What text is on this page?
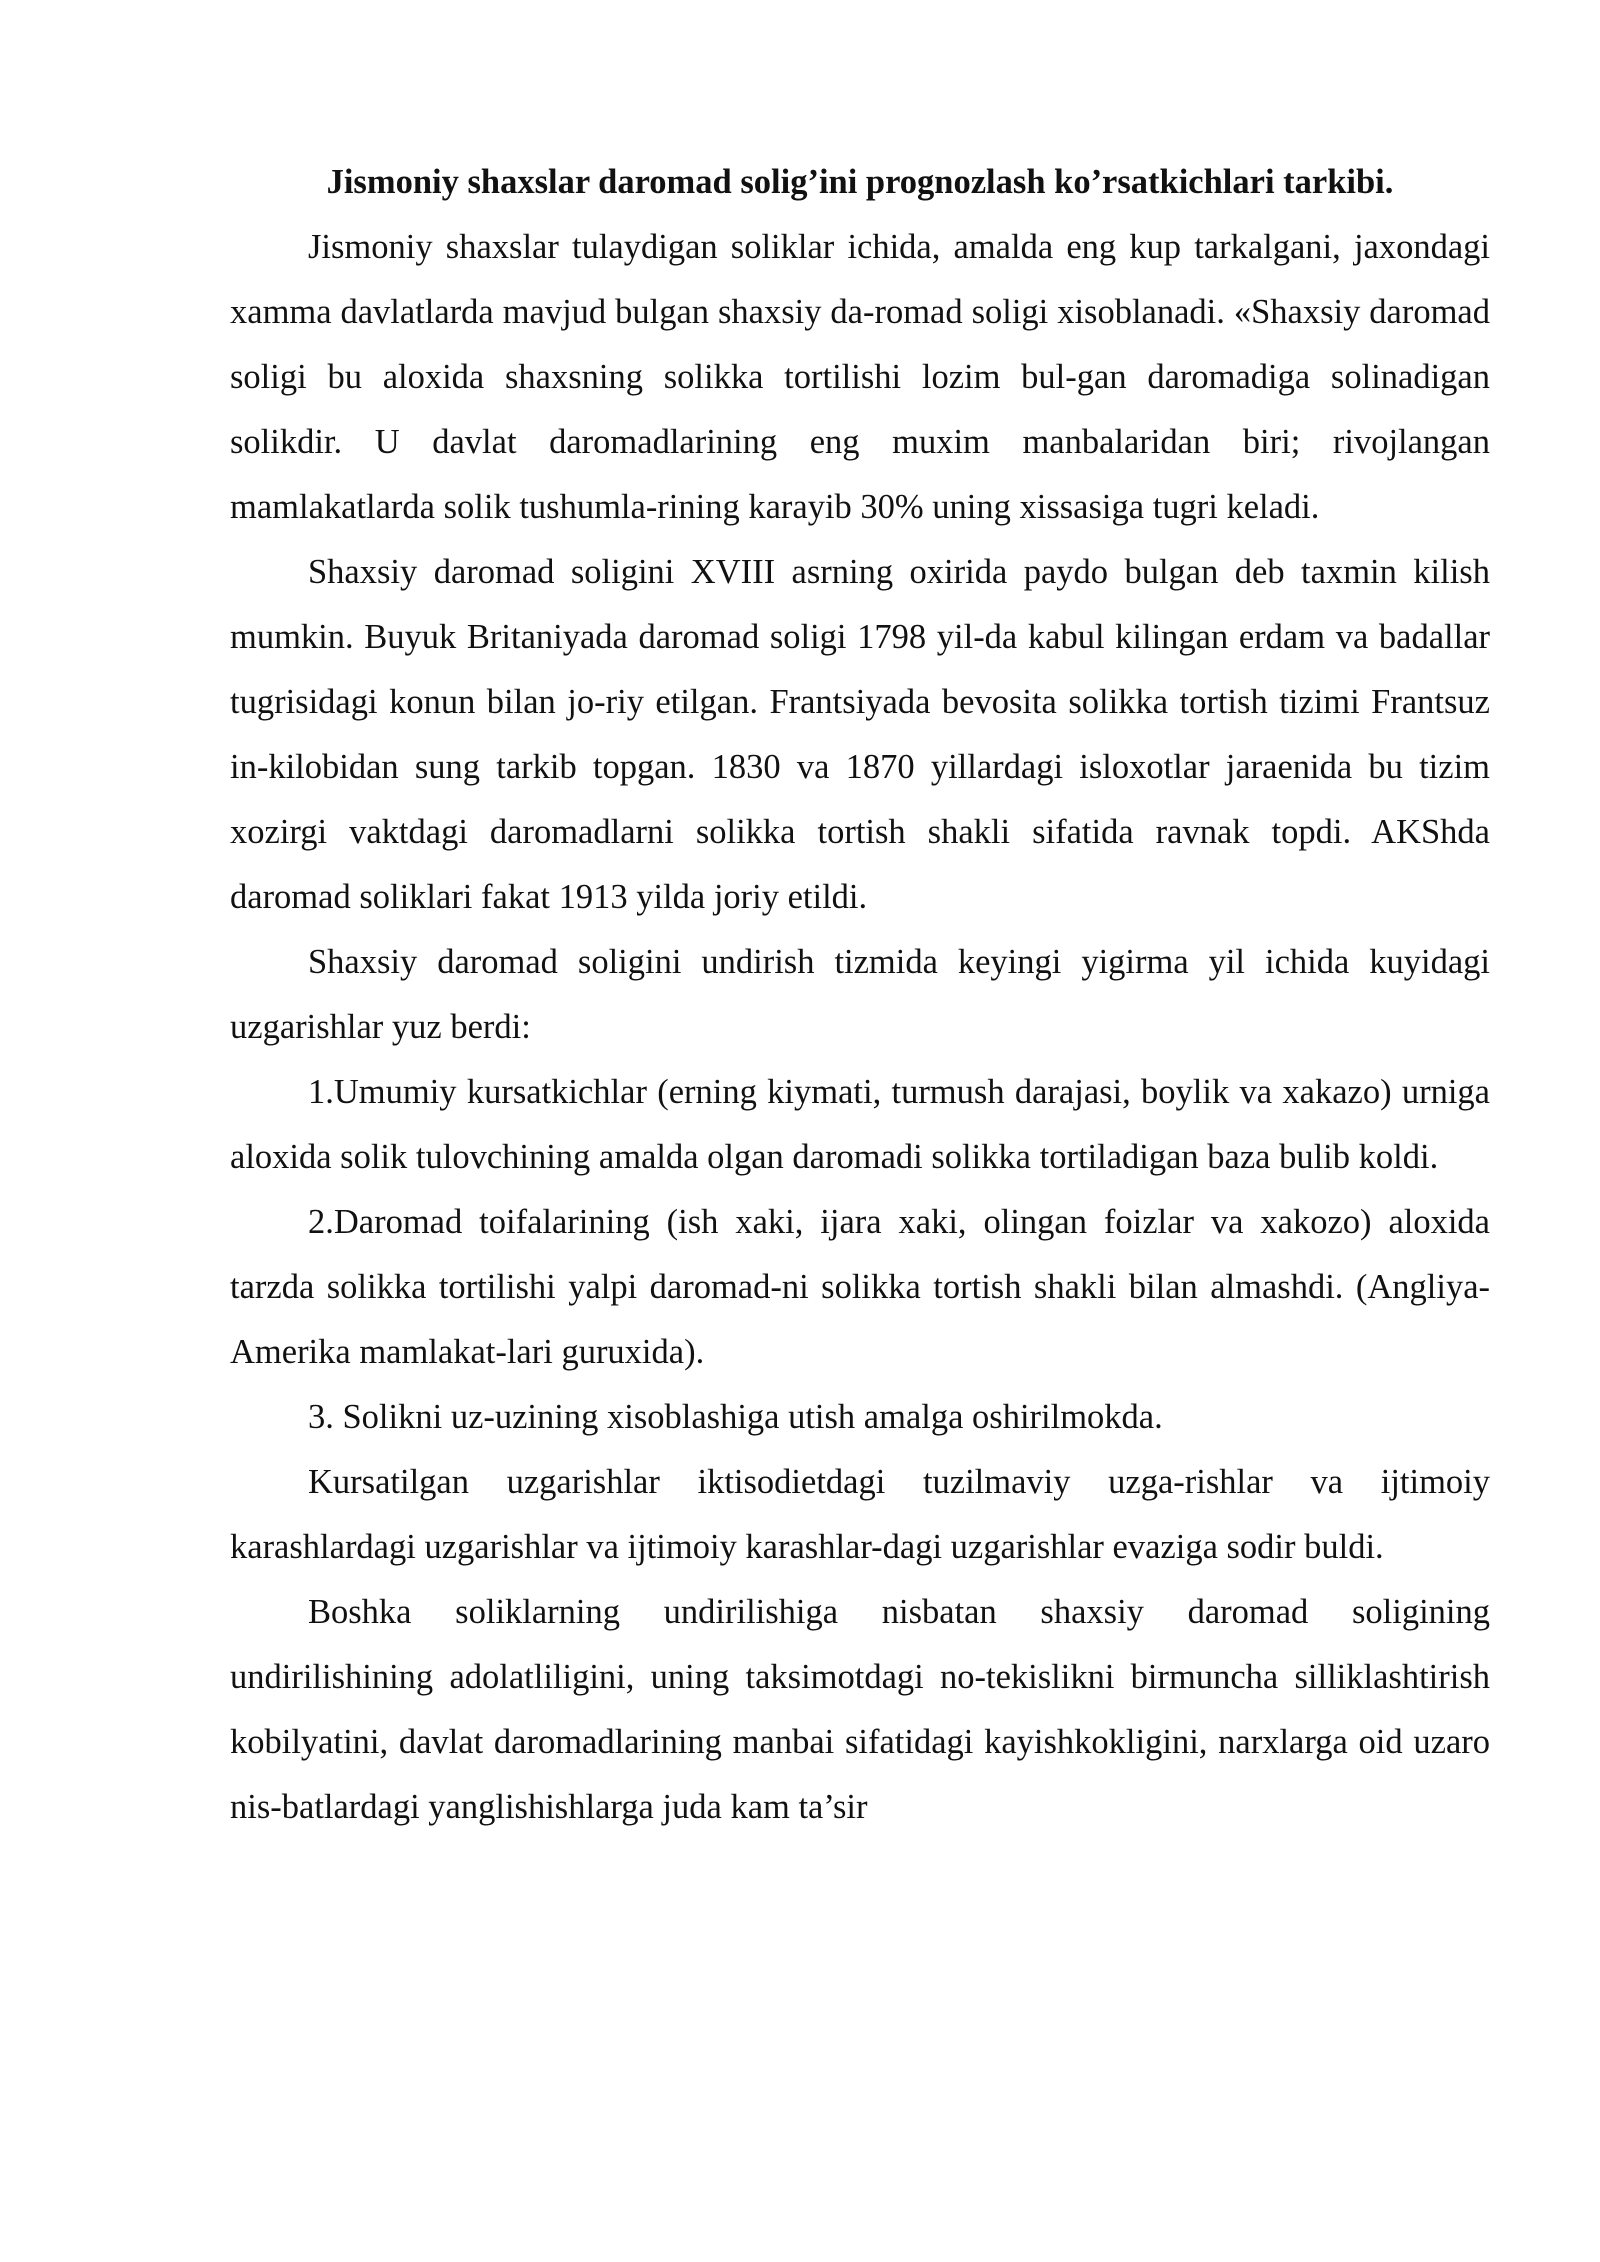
Jismoniy shaxslar daromad solig’ini prognozlash ko’rsatkichlari tarkibi.

Jismoniy shaxslar tulaydigan soliklar ichida, amalda eng kup tarkalgani, jaxondagi xamma davlatlarda mavjud bulgan shaxsiy da-romad soligi xisoblanadi. «Shaxsiy daromad soligi bu aloxida shaxsning solikka tortilishi lozim bul-gan daromadiga solinadigan solikdir. U davlat daromadlarining eng muxim manbalaridan biri; rivojlangan mamlakatlarda solik tushumla-rining karayib 30% uning xissasiga tugri keladi.

Shaxsiy daromad soligini XVIII asrning oxirida paydo bulgan deb taxmin kilish mumkin. Buyuk Britaniyada daromad soligi 1798 yil-da kabul kilingan erdam va badallar tugrisidagi konun bilan jo-riy etilgan. Frantsiyada bevosita solikka tortish tizimi Frantsuz in-kilobidan sung tarkib topgan. 1830 va 1870 yillardagi isloxotlar jaraenida bu tizim xozirgi vaktdagi daromadlarni solikka tortish shakli sifatida ravnak topdi. AKShda daromad soliklari fakat 1913 yilda joriy etildi.

Shaxsiy daromad soligini undirish tizmida keyingi yigirma yil ichida kuyidagi uzgarishlar yuz berdi:

1.Umumiy kursatkichlar (erning kiymati, turmush darajasi, boylik va xakazo) urniga aloxida solik tulovchining amalda olgan daromadi solikka tortiladigan baza bulib koldi.

2.Daromad toifalarining (ish xaki, ijara xaki, olingan foizlar va xakozo) aloxida tarzda solikka tortilishi yalpi daromad-ni solikka tortish shakli bilan almashdi. (Angliya-Amerika mamlakat-lari guruxida).

3. Solikni uz-uzining xisoblashiga utish amalga oshirilmokda.

Kursatilgan uzgarishlar iktisodietdagi tuzilmaviy uzga-rishlar va ijtimoiy karashlardagi uzgarishlar va ijtimoiy karashlar-dagi uzgarishlar evaziga sodir buldi.

Boshka soliklarning undirilishiga nisbatan shaxsiy daromad soligining undirilishining adolatliligini, uning taksimotdagi no-tekislikni birmuncha silliklashtirish kobilyatini, davlat daromadlarining manbai sifatidagi kayishkokligini, narxlarga oid uzaro nis-batlardagi yanglishishlarga juda kam ta’sir
